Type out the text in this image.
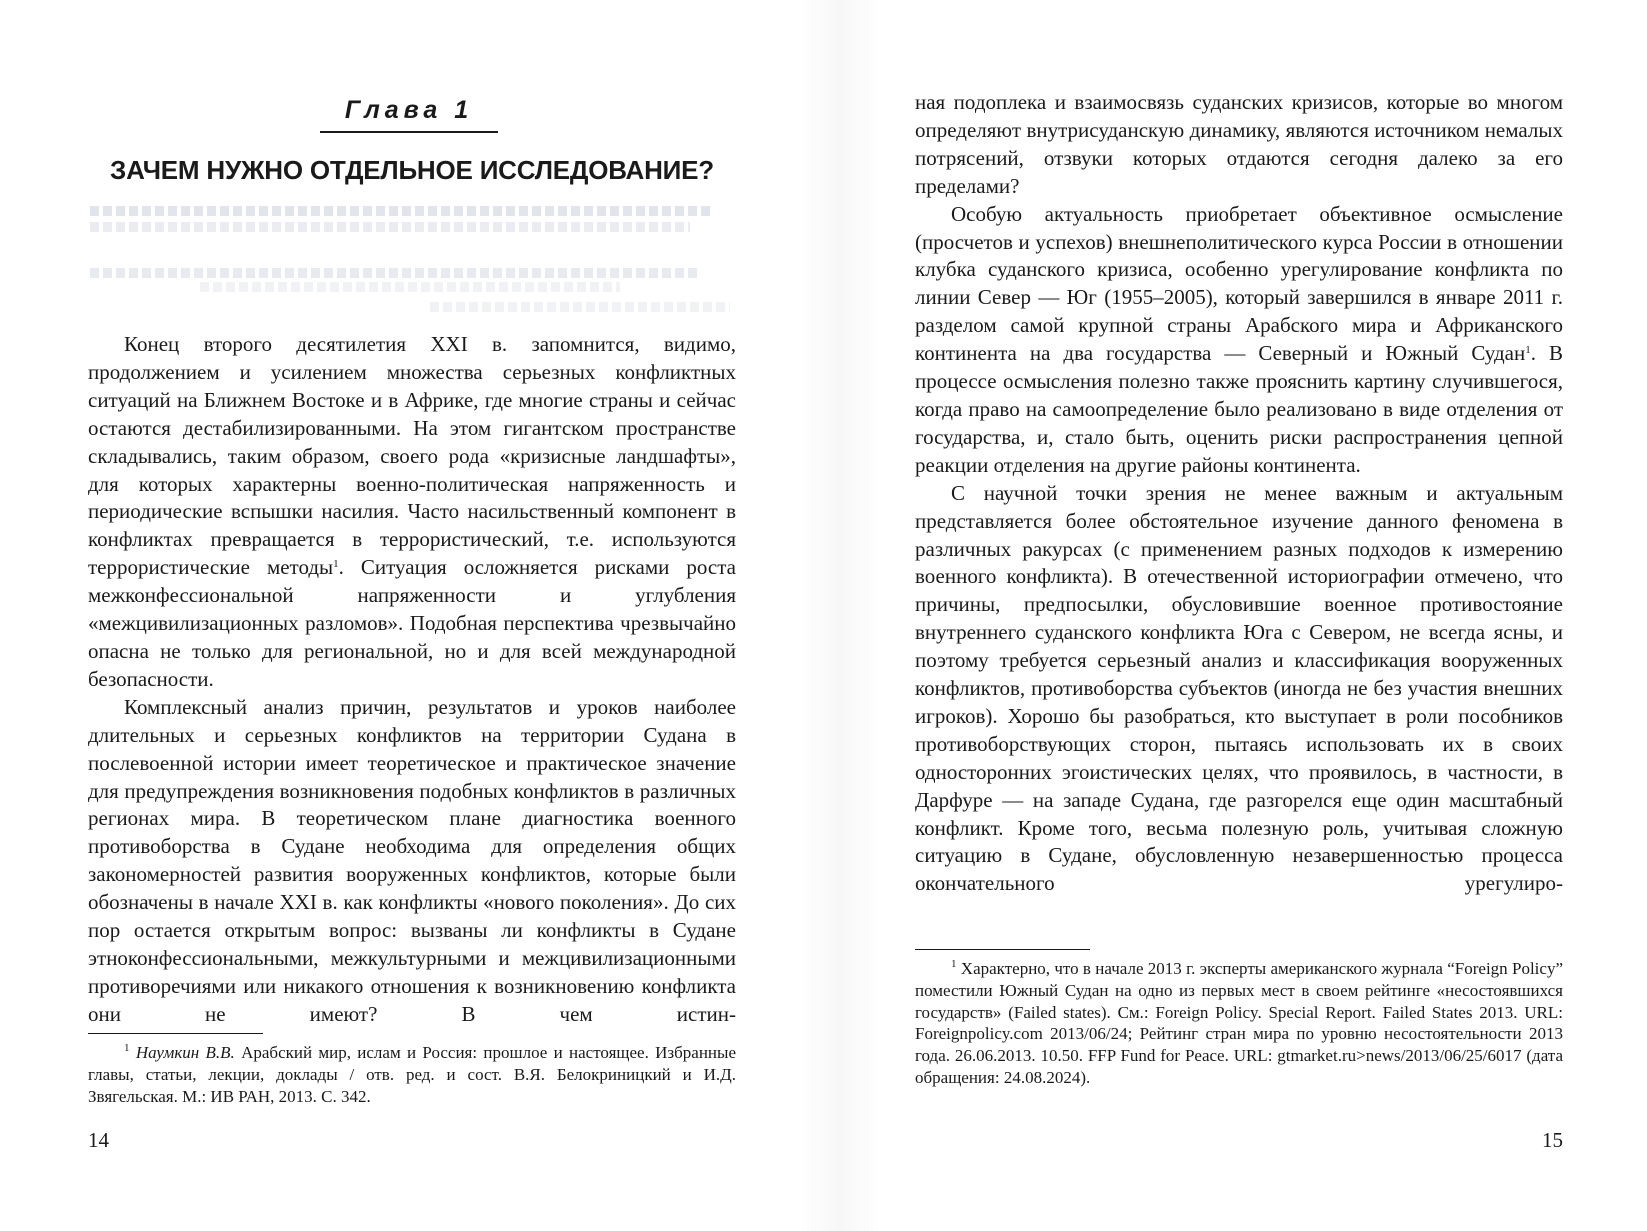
Глава 1
ЗАЧЕМ НУЖНО ОТДЕЛЬНОЕ ИССЛЕДОВАНИЕ?

Конец второго десятилетия XXI в. запомнится, видимо, продолжением и усилением множества серьезных конфликтных ситуаций на Ближнем Востоке и в Африке, где многие страны и сейчас остаются дестабилизированными. На этом гигантском пространстве складывались, таким образом, своего рода «кризисные ландшафты», для которых характерны военно-политическая напряженность и периодические вспышки насилия. Часто насильственный компонент в конфликтах превращается в террористический, т.е. используются террористические методы$^1$. Ситуация осложняется рисками роста межконфессиональной напряженности и углубления «межцивилизационных разломов». Подобная перспектива чрезвычайно опасна не только для региональной, но и для всей международной безопасности.

Комплексный анализ причин, результатов и уроков наиболее длительных и серьезных конфликтов на территории Судана в послевоенной истории имеет теоретическое и практическое значение для предупреждения возникновения подобных конфликтов в различных регионах мира. В теоретическом плане диагностика военного противоборства в Судане необходима для определения общих закономерностей развития вооруженных конфликтов, которые были обозначены в начале XXI в. как конфликты «нового поколения». До сих пор остается открытым вопрос: вызваны ли конфликты в Судане этноконфессиональными, межкультурными и межцивилизационными противоречиями или никакого отношения к возникновению конфликта они не имеют? В чем истин-

$^1$ Наумкин В.В. Арабский мир, ислам и Россия: прошлое и настоящее. Избранные главы, статьи, лекции, доклады / отв. ред. и сост. В.Я. Белокриницкий и И.Д. Звягельская. М.: ИВ РАН, 2013. С. 342.

14

ная подоплека и взаимосвязь суданских кризисов, которые во многом определяют внутрисуданскую динамику, являются источником немалых потрясений, отзвуки которых отдаются сегодня далеко за его пределами?

Особую актуальность приобретает объективное осмысление (просчетов и успехов) внешнеполитического курса России в отношении клубка суданского кризиса, особенно урегулирование конфликта по линии Север — Юг (1955–2005), который завершился в январе 2011 г. разделом самой крупной страны Арабского мира и Африканского континента на два государства — Северный и Южный Судан$^1$. В процессе осмысления полезно также прояснить картину случившегося, когда право на самоопределение было реализовано в виде отделения от государства, и, стало быть, оценить риски распространения цепной реакции отделения на другие районы континента.

С научной точки зрения не менее важным и актуальным представляется более обстоятельное изучение данного феномена в различных ракурсах (с применением разных подходов к измерению военного конфликта). В отечественной историографии отмечено, что причины, предпосылки, обусловившие военное противостояние внутреннего суданского конфликта Юга с Севером, не всегда ясны, и поэтому требуется серьезный анализ и классификация вооруженных конфликтов, противоборства субъектов (иногда не без участия внешних игроков). Хорошо бы разобраться, кто выступает в роли пособников противоборствующих сторон, пытаясь использовать их в своих односторонних эгоистических целях, что проявилось, в частности, в Дарфуре — на западе Судана, где разгорелся еще один масштабный конфликт. Кроме того, весьма полезную роль, учитывая сложную ситуацию в Судане, обусловленную незавершенностью процесса окончательного урегулиро-

$^1$ Характерно, что в начале 2013 г. эксперты американского журнала “Foreign Policy” поместили Южный Судан на одно из первых мест в своем рейтинге «несостоявшихся государств» (Failed states). См.: Foreign Policy. Special Report. Failed States 2013. URL: Foreignpolicy.com 2013/06/24; Рейтинг стран мира по уровню несостоятельности 2013 года. 26.06.2013. 10.50. FFP Fund for Peace. URL: gtmarket.ru>news/2013/06/25/6017 (дата обращения: 24.08.2024).

15
